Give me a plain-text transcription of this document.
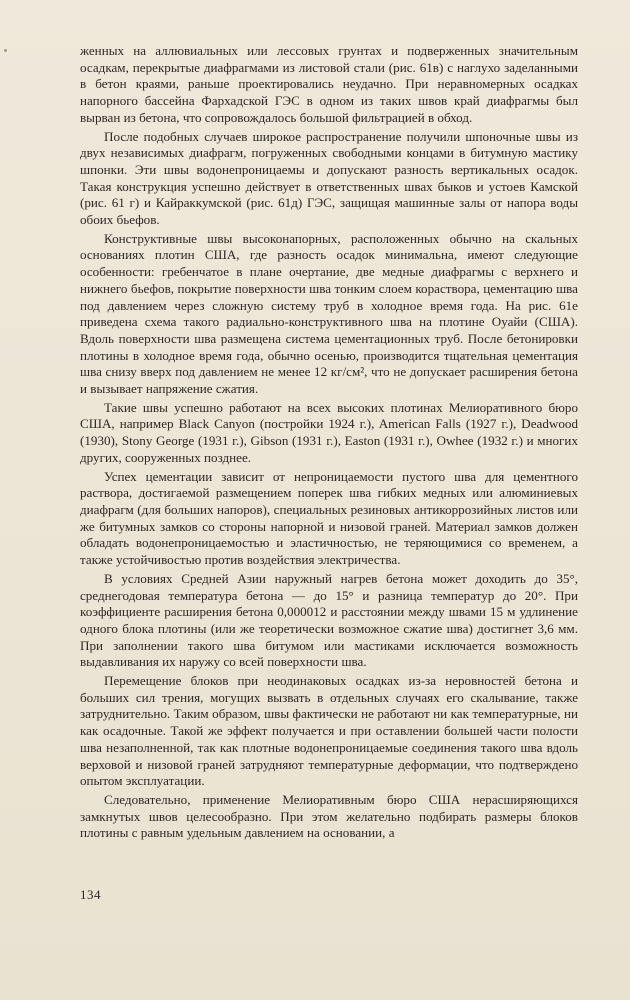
женных на аллювиальных или лессовых грунтах и подверженных значительным осадкам, перекрытые диафрагмами из листовой стали (рис. 61в) с наглухо заделанными в бетон краями, раньше проектировались неудачно. При неравномерных осадках напорного бассейна Фархадской ГЭС в одном из таких швов край диафрагмы был вырван из бетона, что сопровождалось большой фильтрацией в обход.

После подобных случаев широкое распространение получили шпоночные швы из двух независимых диафрагм, погруженных свободными концами в битумную мастику шпонки. Эти швы водонепроницаемы и допускают разность вертикальных осадок. Такая конструкция успешно действует в ответственных швах быков и устоев Камской (рис. 61 г) и Кайраккумской (рис. 61д) ГЭС, защищая машинные залы от напора воды обоих бьефов.

Конструктивные швы высоконапорных, расположенных обычно на скальных основаниях плотин США, где разность осадок минимальна, имеют следующие особенности: гребенчатое в плане очертание, две медные диафрагмы с верхнего и нижнего бьефов, покрытие поверхности шва тонким слоем кораствора, цементацию шва под давлением через сложную систему труб в холодное время года. На рис. 61е приведена схема такого радиально-конструктивного шва на плотине Оуайи (США). Вдоль поверхности шва размещена система цементационных труб. После бетонировки плотины в холодное время года, обычно осенью, производится тщательная цементация шва снизу вверх под давлением не менее 12 кг/см², что не допускает расширения бетона и вызывает напряжение сжатия.

Такие швы успешно работают на всех высоких плотинах Мелиоративного бюро США, например Black Canyon (постройки 1924 г.), American Falls (1927 г.), Deadwood (1930), Stony George (1931 г.), Gibson (1931 г.), Easton (1931 г.), Owhee (1932 г.) и многих других, сооруженных позднее.

Успех цементации зависит от непроницаемости пустого шва для цементного раствора, достигаемой размещением поперек шва гибких медных или алюминиевых диафрагм (для больших напоров), специальных резиновых антикоррозийных листов или же битумных замков со стороны напорной и низовой граней. Материал замков должен обладать водонепроницаемостью и эластичностью, не теряющимися со временем, а также устойчивостью против воздействия электричества.

В условиях Средней Азии наружный нагрев бетона может доходить до 35°, среднегодовая температура бетона — до 15° и разница температур до 20°. При коэффициенте расширения бетона 0,000012 и расстоянии между швами 15 м удлинение одного блока плотины (или же теоретически возможное сжатие шва) достигнет 3,6 мм. При заполнении такого шва битумом или мастиками исключается возможность выдавливания их наружу со всей поверхности шва.

Перемещение блоков при неодинаковых осадках из-за неровностей бетона и больших сил трения, могущих вызвать в отдельных случаях его скалывание, также затруднительно. Таким образом, швы фактически не работают ни как температурные, ни как осадочные. Такой же эффект получается и при оставлении большей части полости шва незаполненной, так как плотные водонепроницаемые соединения такого шва вдоль верховой и низовой граней затрудняют температурные деформации, что подтверждено опытом эксплуатации.

Следовательно, применение Мелиоративным бюро США нерасширяющихся замкнутых швов целесообразно. При этом желательно подбирать размеры блоков плотины с равным удельным давлением на основании, а

134
